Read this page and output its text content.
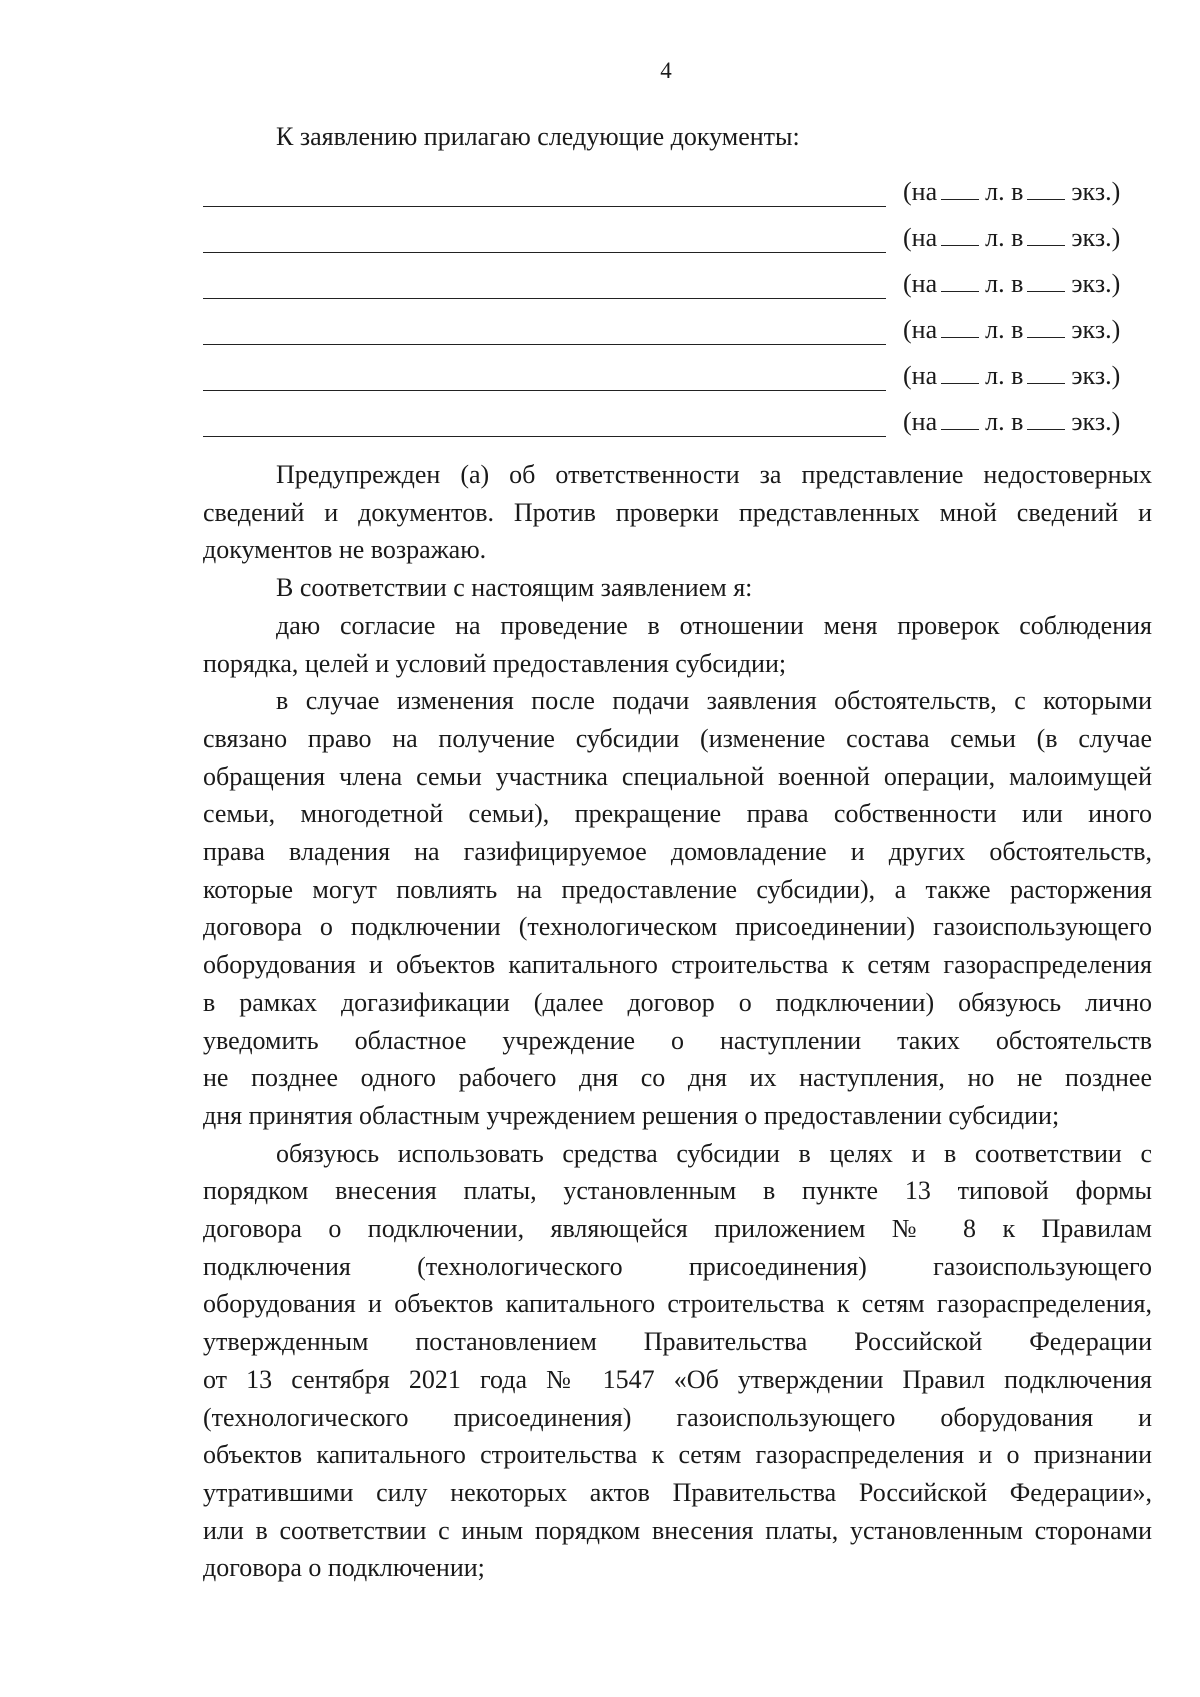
4
К заявлению прилагаю следующие документы:
(на л. в экз.)
(на л. в экз.)
(на л. в экз.)
(на л. в экз.)
(на л. в экз.)
(на л. в экз.)
Предупрежден (а) об ответственности за представление недостоверных
сведений и документов. Против проверки представленных мной сведений и
документов не возражаю.
В соответствии с настоящим заявлением я:
даю согласие на проведение в отношении меня проверок соблюдения
порядка, целей и условий предоставления субсидии;
в случае изменения после подачи заявления обстоятельств, с которыми
связано право на получение субсидии (изменение состава семьи (в случае
обращения члена семьи участника специальной военной операции, малоимущей
семьи, многодетной семьи), прекращение права собственности или иного
права владения на газифицируемое домовладение и других обстоятельств,
которые могут повлиять на предоставление субсидии), а также расторжения
договора о подключении (технологическом присоединении) газоиспользующего
оборудования и объектов капитального строительства к сетям газораспределения
в рамках догазификации (далее договор о подключении) обязуюсь лично
уведомить областное учреждение о наступлении таких обстоятельств
не позднее одного рабочего дня со дня их наступления, но не позднее
дня принятия областным учреждением решения о предоставлении субсидии;
обязуюсь использовать средства субсидии в целях и в соответствии с
порядком внесения платы, установленным в пункте 13 типовой формы
договора о подключении, являющейся приложением № 8 к Правилам
подключения (технологического присоединения) газоиспользующего
оборудования и объектов капитального строительства к сетям газораспределения,
утвержденным постановлением Правительства Российской Федерации
от 13 сентября 2021 года № 1547 «Об утверждении Правил подключения
(технологического присоединения) газоиспользующего оборудования и
объектов капитального строительства к сетям газораспределения и о признании
утратившими силу некоторых актов Правительства Российской Федерации»,
или в соответствии с иным порядком внесения платы, установленным сторонами
договора о подключении;
